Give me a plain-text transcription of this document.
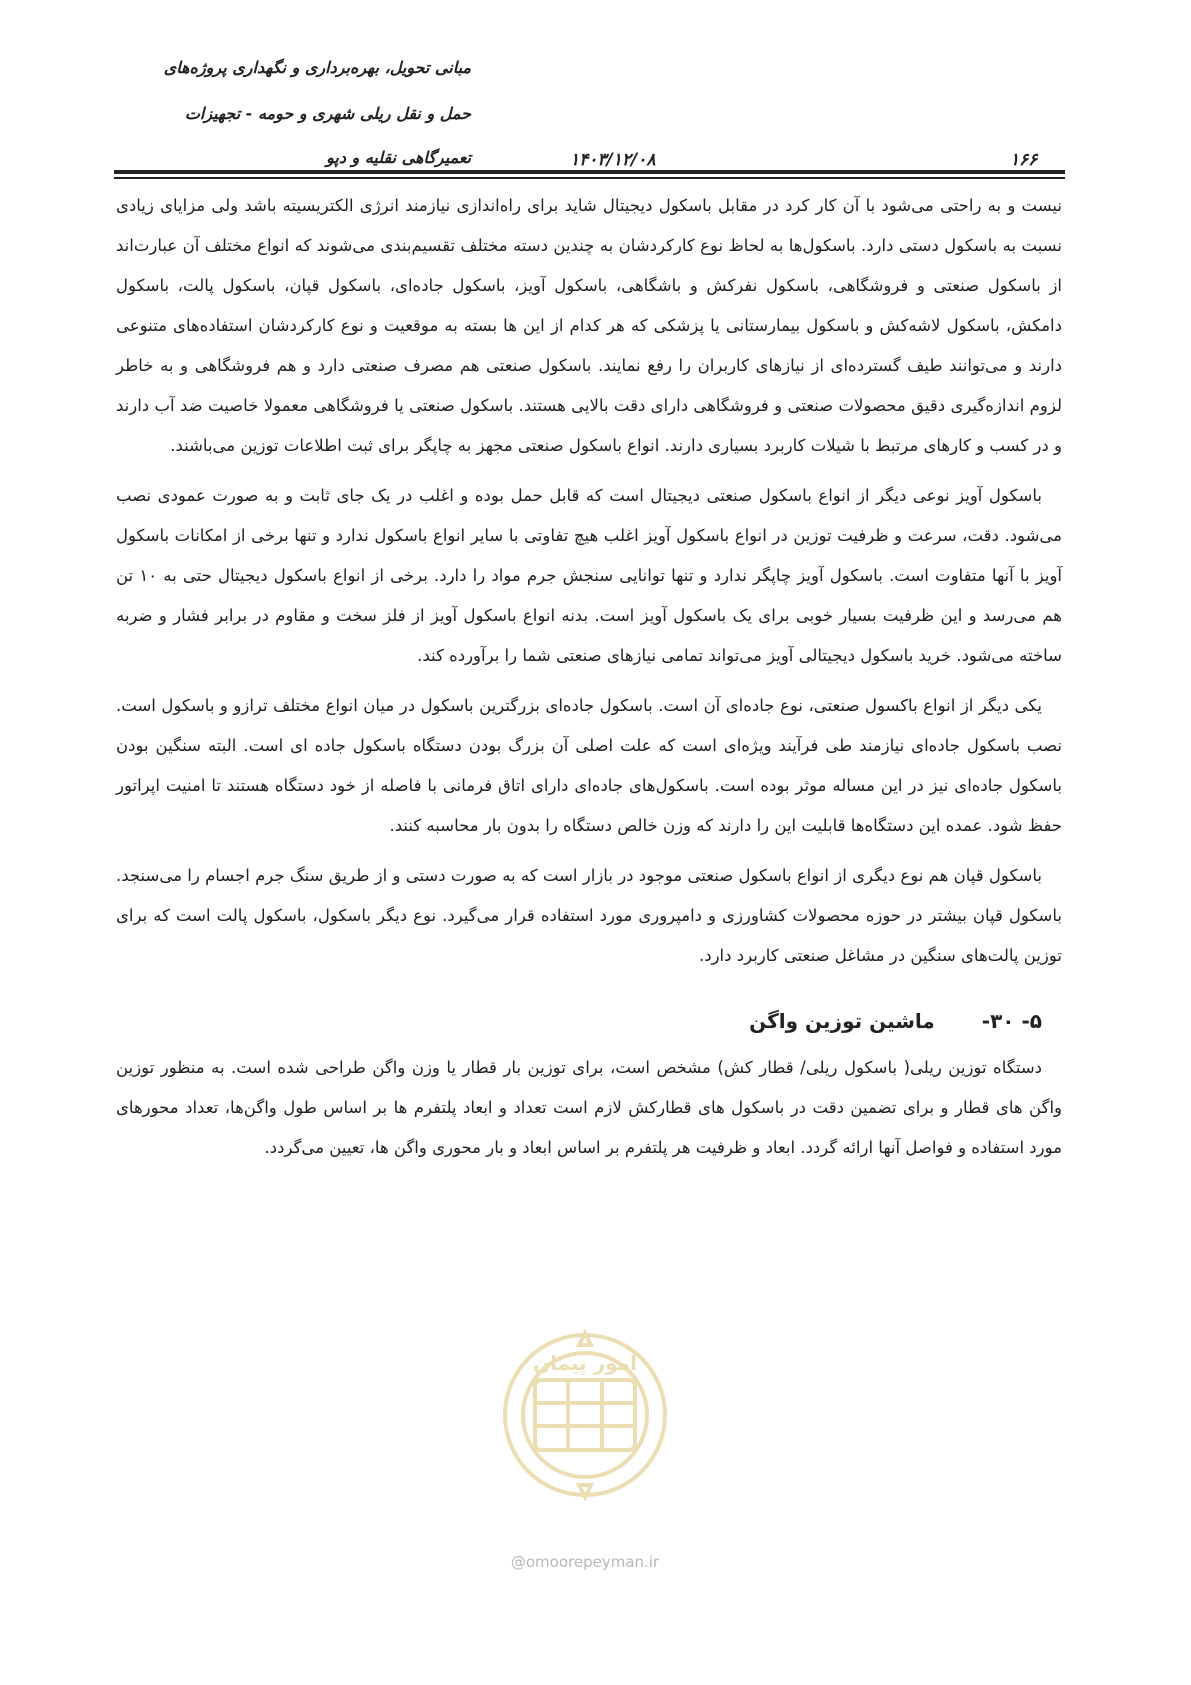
مبانی تحویل، بهره‌برداری و نگهداری پروژه‌های
حمل و نقل ریلی شهری و حومه - تجهیزات
تعمیرگاهی نقلیه و دپو	۱۴۰۳/۱۲/۰۸	۱۶۶

نیست و به راحتی می‌شود با آن کار کرد در مقابل باسکول دیجیتال شاید برای راه‌اندازی نیازمند انرژی الکتریسیته باشد ولی مزایای زیادی نسبت به باسکول دستی دارد. باسکول‌ها به لحاظ نوع کارکردشان به چندین دسته مختلف تقسیم‌بندی می‌شوند که انواع مختلف آن عبارت‌اند از باسکول صنعتی و فروشگاهی، باسکول نفرکش و باشگاهی، باسکول آویز، باسکول جاده‌ای، باسکول قپان، باسکول پالت، باسکول دامکش، باسکول لاشه‌کش و باسکول بیمارستانی یا پزشکی که هر کدام از این ها بسته به موقعیت و نوع کارکردشان استفاده‌های متنوعی دارند و می‌توانند طیف گسترده‌ای از نیازهای کاربران را رفع نمایند. باسکول صنعتی هم مصرف صنعتی دارد و هم فروشگاهی و به خاطر لزوم اندازه‌گیری دقیق محصولات صنعتی و فروشگاهی دارای دقت بالایی هستند. باسکول صنعتی یا فروشگاهی معمولا خاصیت ضد آب دارند و در کسب و کارهای مرتبط با شیلات کاربرد بسیاری دارند. انواع باسکول صنعتی مجهز به چاپگر برای ثبت اطلاعات توزین می‌باشند.

باسکول آویز نوعی دیگر از انواع باسکول صنعتی دیجیتال است که قابل حمل بوده و اغلب در یک جای ثابت و به صورت عمودی نصب می‌شود. دقت، سرعت و ظرفیت توزین در انواع باسکول آویز اغلب هیچ تفاوتی با سایر انواع باسکول ندارد و تنها برخی از امکانات باسکول آویز با آنها متفاوت است. باسکول آویز چاپگر ندارد و تنها توانایی سنجش جرم مواد را دارد. برخی از انواع باسکول دیجیتال حتی به ۱۰ تن هم می‌رسد و این ظرفیت بسیار خوبی برای یک باسکول آویز است. بدنه انواع باسکول آویز از فلز سخت و مقاوم در برابر فشار و ضربه ساخته می‌شود. خرید باسکول دیجیتالی آویز می‌تواند تمامی نیازهای صنعتی شما را برآورده کند.

یکی دیگر از انواع باکسول صنعتی، نوع جاده‌ای آن است. باسکول جاده‌ای بزرگترین باسکول در میان انواع مختلف ترازو و باسکول است. نصب باسکول جاده‌ای نیازمند طی فرآیند ویژه‌ای است که علت اصلی آن بزرگ بودن دستگاه باسکول جاده ای است. البته سنگین بودن باسکول جاده‌ای نیز در این مساله موثر بوده است. باسکول‌های جاده‌ای دارای اتاق فرمانی با فاصله از خود دستگاه هستند تا امنیت اپراتور حفظ شود. عمده این دستگاه‌ها قابلیت این را دارند که وزن خالص دستگاه را بدون بار محاسبه کنند.

باسکول قپان هم نوع دیگری از انواع باسکول صنعتی موجود در بازار است که به صورت دستی و از طریق سنگ جرم اجسام را می‌سنجد. باسکول قپان بیشتر در حوزه محصولات کشاورزی و دامپروری مورد استفاده قرار می‌گیرد. نوع دیگر باسکول، باسکول پالت است که برای توزین پالت‌های سنگین در مشاغل صنعتی کاربرد دارد.

۵- ۳۰- ماشین توزین واگن

دستگاه توزین ریلی( باسکول ریلی/ قطار کش) مشخص است، برای توزین بار قطار یا وزن واگن طراحی شده است. به منظور توزین واگن های قطار و برای تضمین دقت در باسکول های قطارکش لازم است تعداد و ابعاد پلتفرم ها بر اساس طول واگن‌ها، تعداد محورهای مورد استفاده و فواصل آنها ارائه گردد. ابعاد و ظرفیت هر پلتفرم بر اساس ابعاد و بار محوری واگن ها، تعیین می‌گردد.

امور پیمان
@omoorepeyman.ir
